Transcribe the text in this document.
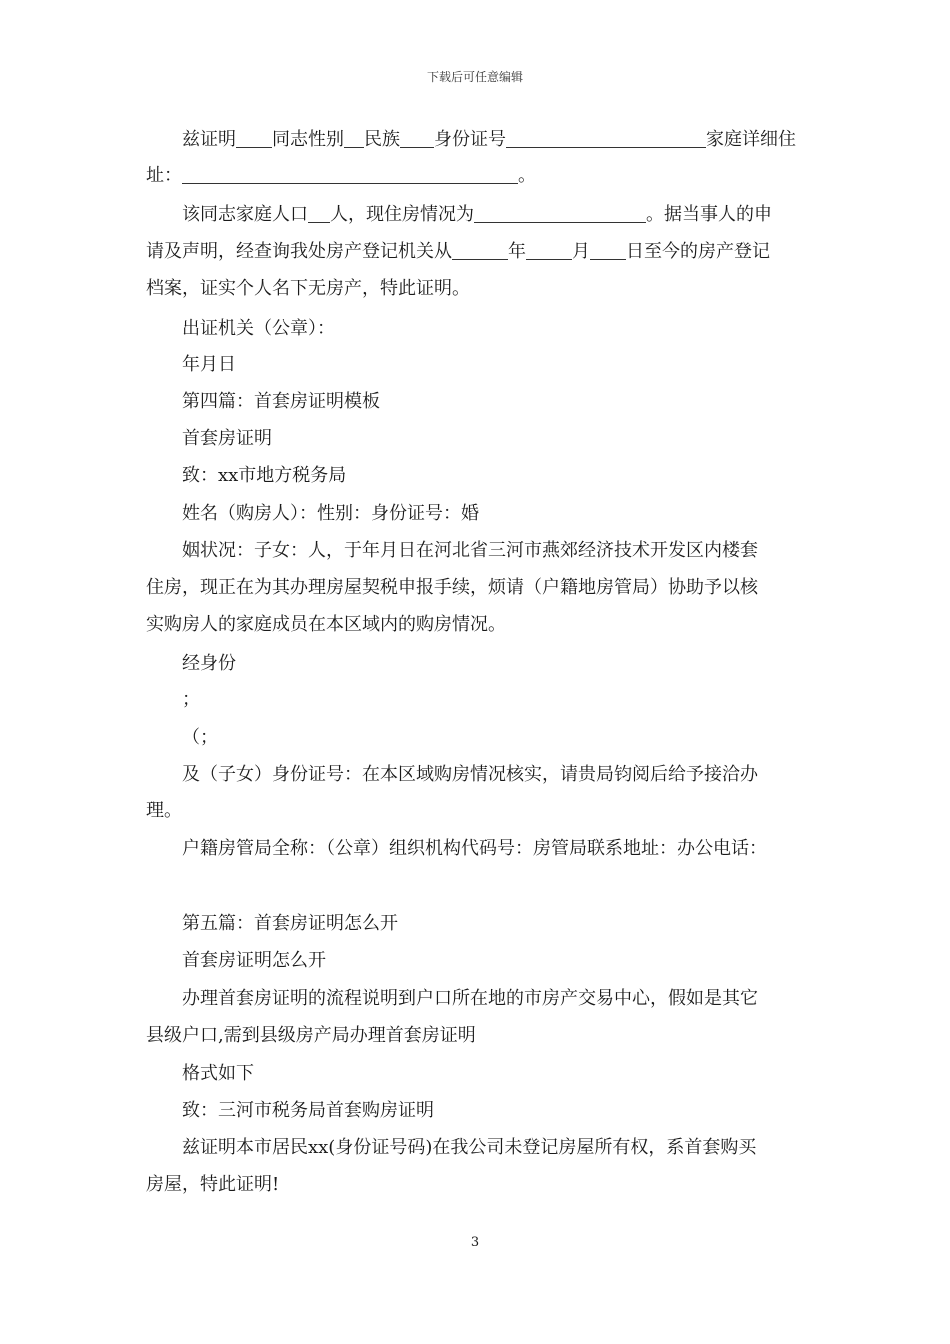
下载后可任意编辑
兹证明 同志性别 民族 身份证号	家庭详细住
址：	。
该同志家庭人口 人，现住房情况为	。据当事人的申
请及声明，经查询我处房产登记机关从	年	月 日至今的房产登记
档案，证实个人名下无房产，特此证明。
出证机关（公章）：
年月日
第四篇：首套房证明模板
首套房证明
致：xx市地方税务局
姓名（购房人）：性别：身份证号：婚
姻状况：子女：人，于年月日在河北省三河市燕郊经济技术开发区内楼套
住房，现正在为其办理房屋契税申报手续，烦请（户籍地房管局）协助予以核
实购房人的家庭成员在本区域内的购房情况。
经身份
；
（；
及（子女）身份证号：在本区域购房情况核实，请贵局钧阅后给予接洽办
理。
户籍房管局全称：（公章）组织机构代码号：房管局联系地址：办公电话：
第五篇：首套房证明怎么开
首套房证明怎么开
办理首套房证明的流程说明到户口所在地的市房产交易中心，假如是其它
县级户口,需到县级房产局办理首套房证明
格式如下
致：三河市税务局首套购房证明
兹证明本市居民xx(身份证号码)在我公司未登记房屋所有权，系首套购买
房屋，特此证明!
3
